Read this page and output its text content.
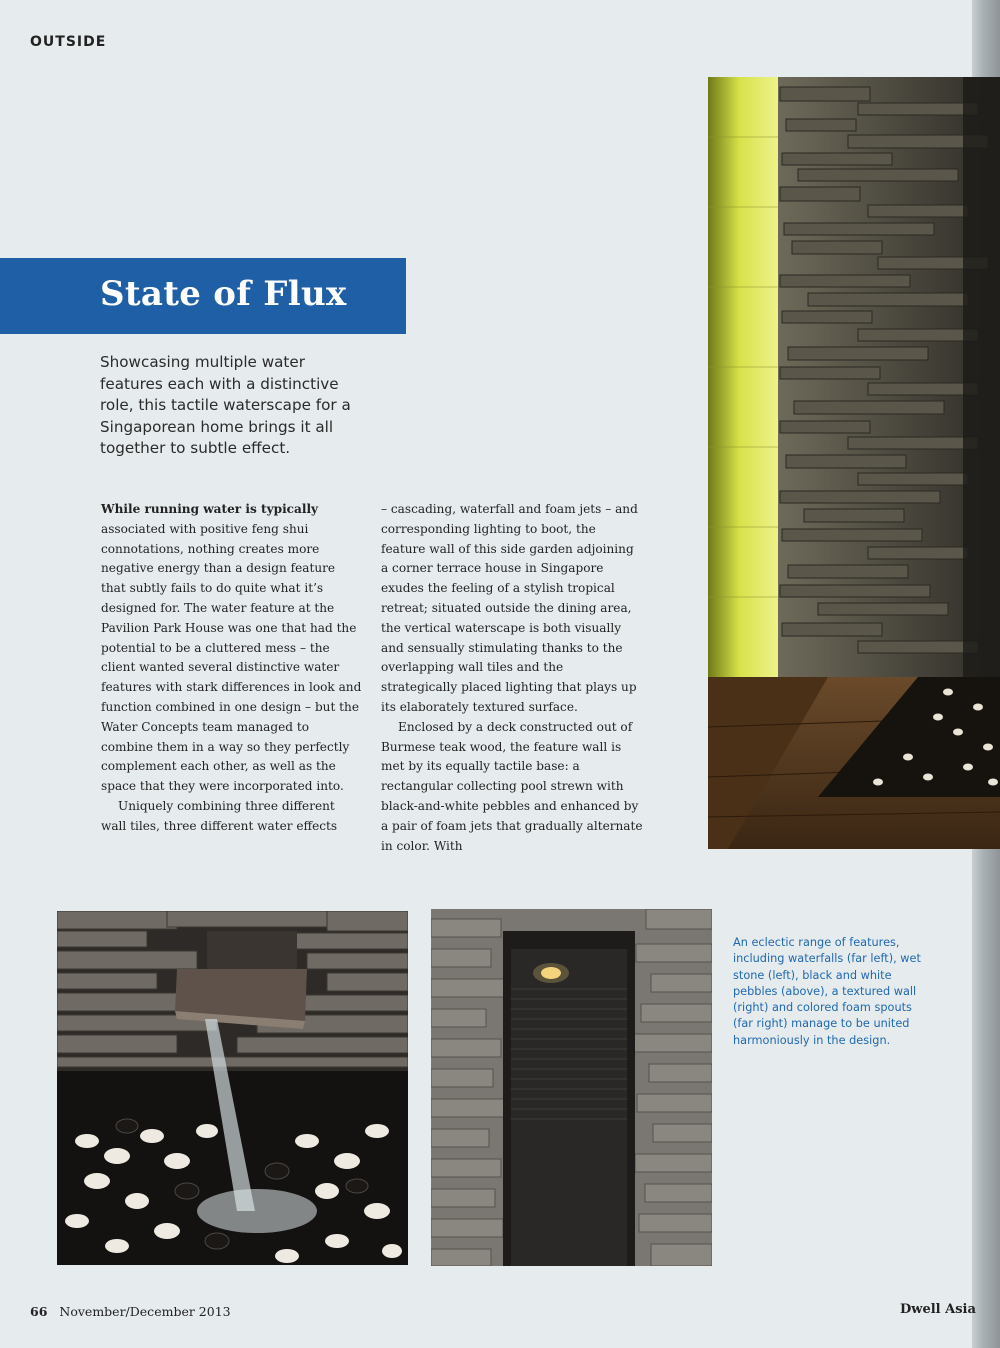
OUTSIDE
State of Flux
Showcasing multiple water features each with a distinctive role, this tactile waterscape for a Singaporean home brings it all together to subtle effect.

While running water is typically associated with positive feng shui connotations, nothing creates more negative energy than a design feature that subtly fails to do quite what it’s designed for. The water feature at the Pavilion Park House was one that had the potential to be a cluttered mess – the client wanted several distinctive water features with stark differences in look and function combined in one design – but the Water Concepts team managed to combine them in a way so they perfectly complement each other, as well as the space that they were incorporated into.

Uniquely combining three different wall tiles, three different water effects

– cascading, waterfall and foam jets – and corresponding lighting to boot, the feature wall of this side garden adjoining a corner terrace house in Singapore exudes the feeling of a stylish tropical retreat; situated outside the dining area, the vertical waterscape is both visually and sensually stimulating thanks to the overlapping wall tiles and the strategically placed lighting that plays up its elaborately textured surface.

Enclosed by a deck constructed out of Burmese teak wood, the feature wall is met by its equally tactile base: a rectangular collecting pool strewn with black-and-white pebbles and enhanced by a pair of foam jets that gradually alternate in color. With

An eclectic range of features, including waterfalls (far left), wet stone (left), black and white pebbles (above), a textured wall (right) and colored foam spouts (far right) manage to be united harmoniously in the design.
66 November/December 2013	Dwell Asia
